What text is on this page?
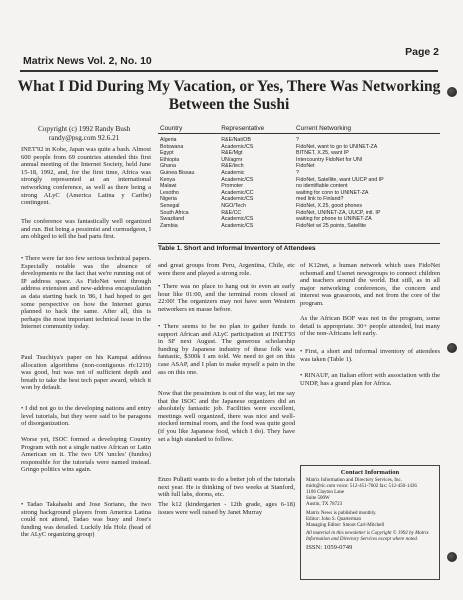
Page 2
Matrix News Vol. 2, No. 10
What I Did During My Vacation, or Yes, There Was Networking Between the Sushi
Copyright (c) 1992 Randy Bush
randy@psg.com 92.6.21

INET'92 in Kobe, Japan was quite a bash. Almost 600 people from 69 countries attended this first annual meeting of the Internet Society, held June 15-18, 1992, and, for the first time, Africa was strongly represented at an international networking conference, as well as there being a strong ALyC (America Latina y Caribe) contingent.

The conference was fantastically well organized and run. But being a pessimist and curmudgeon, I am obliged to tell the bad parts first.

• There were far too few serious technical papers. Especially notable was the absence of developments re the fact that we're running out of IP address space. As FidoNet went through address extension and new-address encapsulation as data starting back in '86, I had hoped to get some perspective on how the Internet gurus planned to hack the same. After all, this is perhaps the most important technical issue in the Internet community today.

Paul Tsuchiya's paper on his Kampai address allocation algorithms (non-contiguous rfc1219) was good, but was not of sufficient depth and breath to take the best tech paper award, which it won by default.

• I did not go to the developing nations and entry level tutorials, but they were said to be paragons of disorganization.

Worse yet, ISOC formed a developing Country Program with not a single native African or Latin American on it. The two UN 'uncles' (fundos) responsible for the tutorials were named instead. Gringo politics wins again.

• Tadao Takahashi and Jose Soriano, the two strong background players from America Latina could not attend, Tadao was busy and Jose's funding was derailed. Luckily Ida Holz (head of the ALyC organizing group)

Country	Representative	Current Networking
Algeria	R&E/Nat/OB	?
Botswana	Academic/CS	FidoNet, want to go to UNINET-ZA
Egypt	R&E/Mgt	BITNET, X.25, want IP
Ethiopia	UN/agmr	Intercountry FidoNet for UNI
Ghana	R&E/tech	FidoNet
Guinea Bissau	Academic	?
Kenya	Academic/CS	FidoNet, Satellite, want UUCP and IP
Malawi	Promoter	no identifiable content
Lesotho	Academic/CC	waiting for conn to UNINET-ZA
Nigeria	Academic/CS	med link to Finland?
Senegal	NGO/Tech	FidoNet, X.25, good phones
South Africa	R&E/CC	FidoNet, UNINET-ZA, UUCP, intl. IP
Swaziland	Academic/CS	waiting for phone to UNINET-ZA
Zambia	Academic/CS	FidoNet w/ 25 points, Satellite
Table 1. Short and Informal Inventory of Attendees

and great groups from Peru, Argentina, Chile, etc were there and played a strong role.

• There was no place to hang out to even an early hour like 01:00, and the terminal room closed at 22:00! The organizers may not have seen Western networkers en masse before.

• There seems to be no plan to gather funds to support African and ALyC participation at INET'93 in SF next August. The generous scholarship funding by Japanese industry of these folk was fantastic, $300k I am told. We need to get on this case ASAP, and I plan to make myself a pain in the ass on this one.

Now that the pessimism is out of the way, let me say that the ISOC and the Japanese organizers did an absolutely fantastic job. Facilities were excellent, meetings well organized, there was nice and well-stocked terminal room, and the food was quite good (if you like Japanese food, which I do). They have set a high standard to follow.

Enzo Puliatti wants to do a better job of the tutorials next year. He is thinking of two weeks at Stanford, with full labs, dorms, etc.

The k12 (kindergarten - 12th grade, ages 6-18) issues were well raised by Janet Murray

of K12net, a human network which uses FidoNet echomail and Usenet newsgroups to connect children and teachers around the world. But still, as in all major networking conferences, the concern and interest was grassroots, and not from the core of the program.

As the African BOF was not in the program, some detail is appropriate. 30+ people attended, but many of the non-Africans left early.

• First, a short and informal inventory of attendees was taken (Table 1).

• RINAUF, an Italian effort with association with the UNDP, has a grand plan for Africa.

Contact Information
Matrix Information and Directory Services, Inc.
mids@tic.com voice: 512-451-7602 fax: 512-450-1436
1106 Clayton Lane
Suite 500W
Austin, TX 78723
Matrix News is published monthly.
Editor: John S. Quarterman
Managing Editor: Smoot Carl-Mitchell
All material in this newsletter is Copyright © 1992 by Matrix Information and Directory Services except where noted.
ISSN: 1059-0749
